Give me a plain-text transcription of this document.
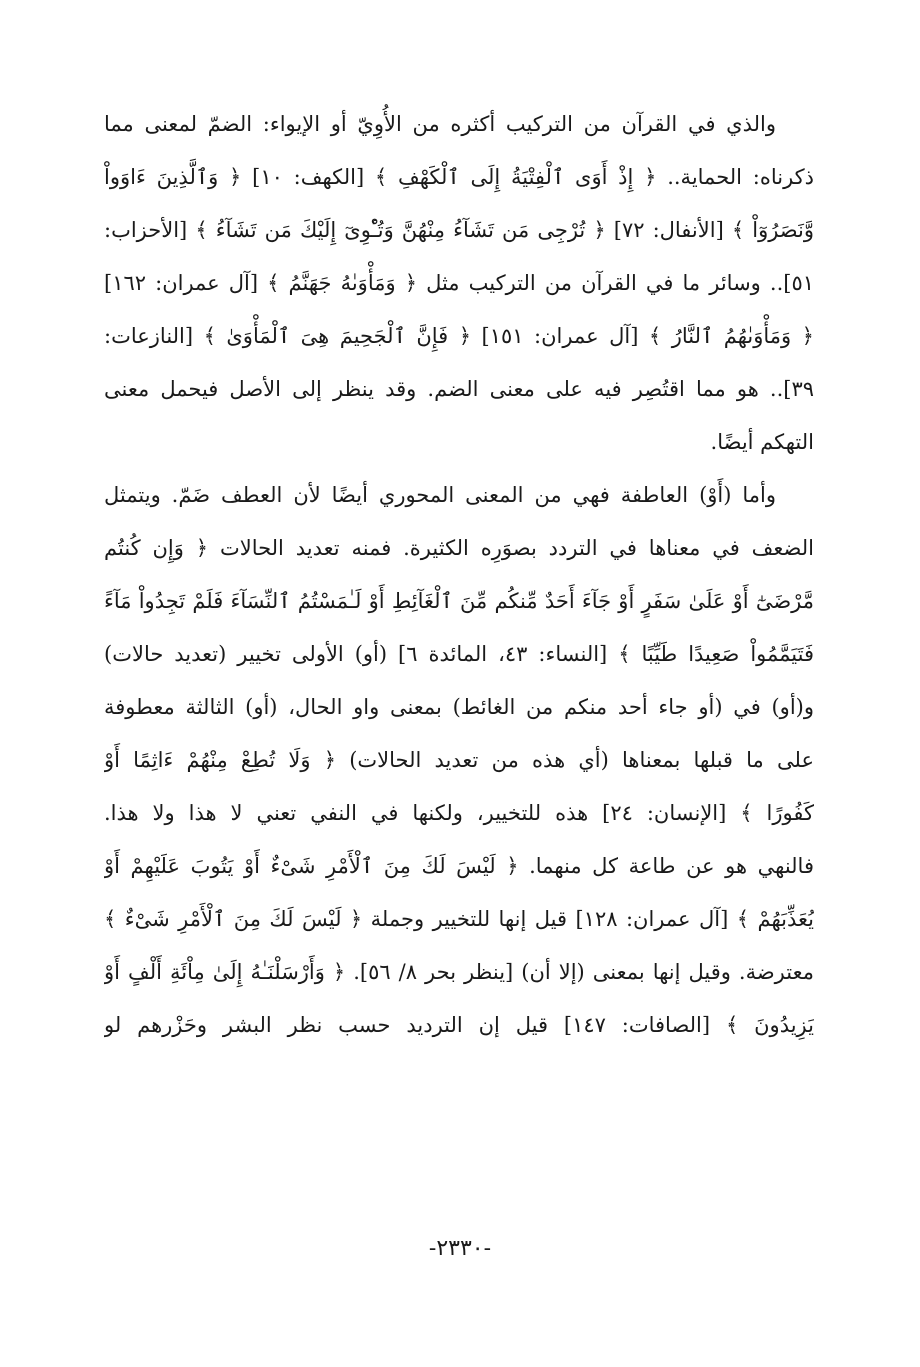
والذي في القرآن من التركيب أكثره من الأُوِيّ أو الإيواء: الضمّ لمعنى مما
ذكرناه: الحماية.. ﴿ إِذْ أَوَى ٱلْفِتْيَةُ إِلَى ٱلْكَهْفِ ﴾ [الكهف: ١٠] ﴿ وَٱلَّذِينَ ءَاوَواْ
وَّنَصَرُوٓاْ ﴾ [الأنفال: ٧٢] ﴿ تُرْجِى مَن تَشَآءُ مِنْهُنَّ وَتُـْٔوِىٓ إِلَيْكَ مَن تَشَآءُ ﴾ [الأحزاب:
٥١].. وسائر ما في القرآن من التركيب مثل ﴿ وَمَأْوَىٰهُ جَهَنَّمُ ﴾ [آل عمران: ١٦٢]
﴿ وَمَأْوَىٰهُمُ ٱلنَّارُ ﴾ [آل عمران: ١٥١] ﴿ فَإِنَّ ٱلْجَحِيمَ هِىَ ٱلْمَأْوَىٰ ﴾ [النازعات:
٣٩].. هو مما اقتُصِر فيه على معنى الضم. وقد ينظر إلى الأصل فيحمل معنى
التهكم أيضًا.
وأما (أَوْ) العاطفة فهي من المعنى المحوري أيضًا لأن العطف ضَمّ. ويتمثل
الضعف في معناها في التردد بصوَرِه الكثيرة. فمنه تعديد الحالات ﴿ وَإِن كُنتُم
مَّرْضَىٰٓ أَوْ عَلَىٰ سَفَرٍ أَوْ جَآءَ أَحَدٌ مِّنكُم مِّنَ ٱلْغَآئِطِ أَوْ لَـٰمَسْتُمُ ٱلنِّسَآءَ فَلَمْ تَجِدُواْ مَآءً
فَتَيَمَّمُواْ صَعِيدًا طَيِّبًا ﴾ [النساء: ٤٣، المائدة ٦] (أو) الأولى تخيير (تعديد حالات)
و(أو) في (أو جاء أحد منكم من الغائط) بمعنى واو الحال، (أو) الثالثة معطوفة
على ما قبلها بمعناها (أي هذه من تعديد الحالات) ﴿ وَلَا تُطِعْ مِنْهُمْ ءَاثِمًا أَوْ
كَفُورًا ﴾ [الإنسان: ٢٤] هذه للتخيير، ولكنها في النفي تعني لا هذا ولا هذا.
فالنهي هو عن طاعة كل منهما. ﴿ لَيْسَ لَكَ مِنَ ٱلْأَمْرِ شَىْءٌ أَوْ يَتُوبَ عَلَيْهِمْ أَوْ
يُعَذِّبَهُمْ ﴾ [آل عمران: ١٢٨] قيل إنها للتخيير وجملة ﴿ لَيْسَ لَكَ مِنَ ٱلْأَمْرِ شَىْءٌ ﴾
معترضة. وقيل إنها بمعنى (إلا أن) [ينظر بحر ٨/ ٥٦]. ﴿ وَأَرْسَلْنَـٰهُ إِلَىٰ مِاْئَةِ أَلْفٍ أَوْ
يَزِيدُونَ ﴾ [الصافات: ١٤٧] قيل إن الترديد حسب نظر البشر وحَزْرهم لو
-٢٣٣٠-
